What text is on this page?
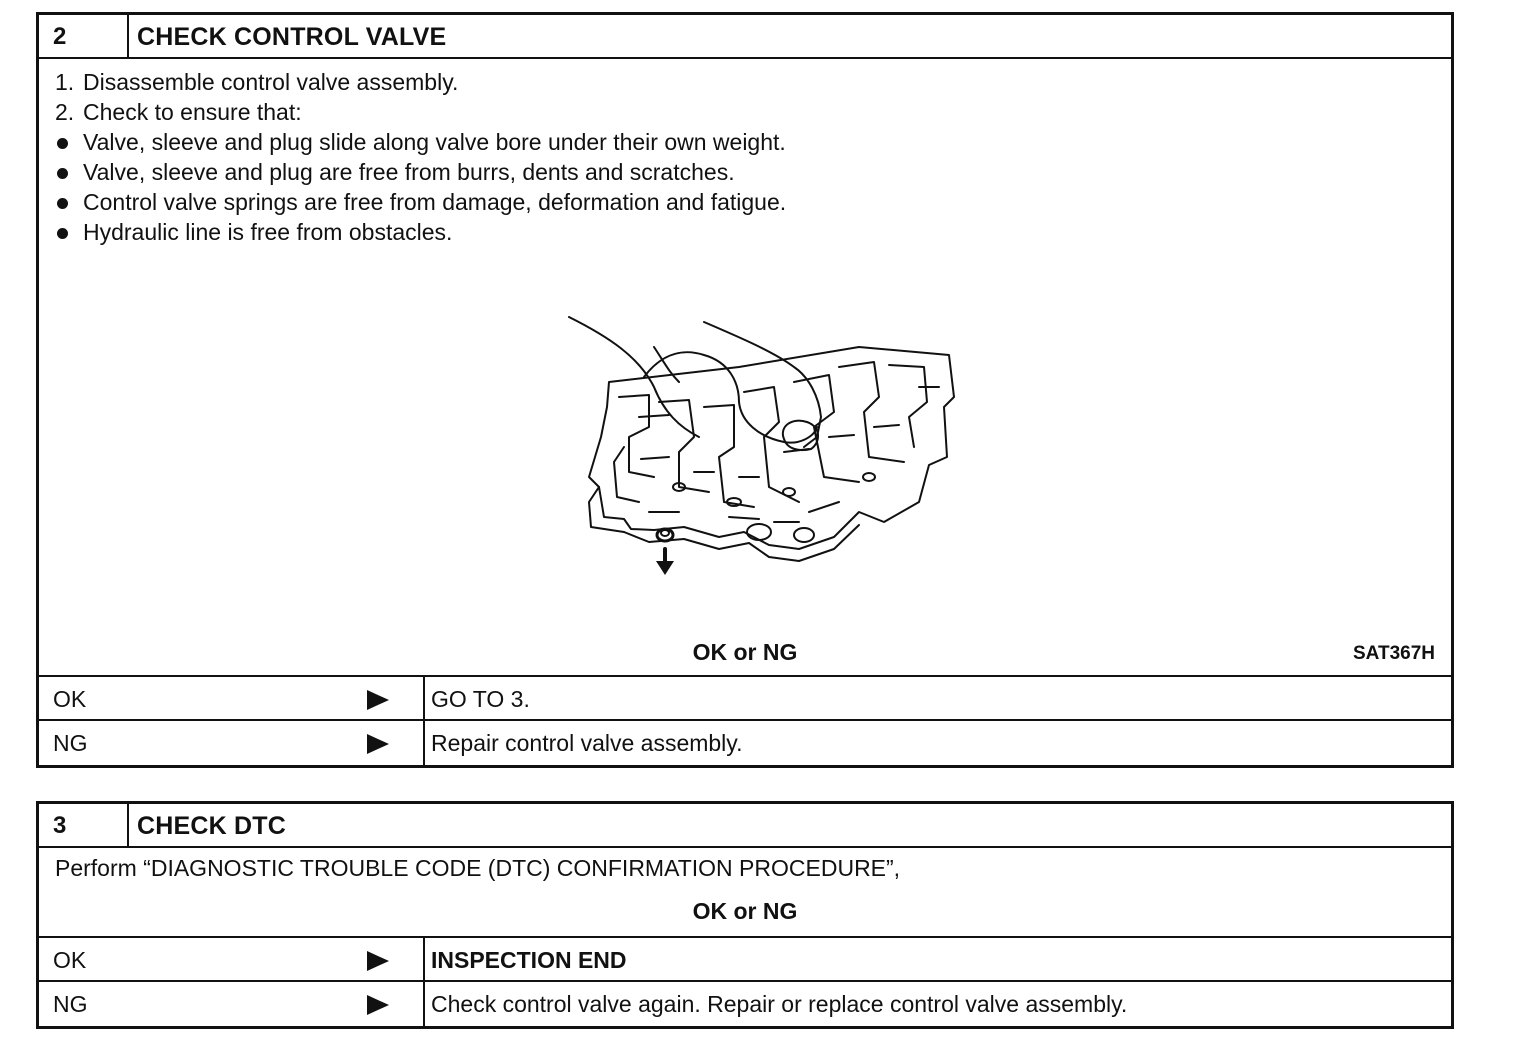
2	CHECK CONTROL VALVE
1. Disassemble control valve assembly.
2. Check to ensure that:
Valve, sleeve and plug slide along valve bore under their own weight.
Valve, sleeve and plug are free from burrs, dents and scratches.
Control valve springs are free from damage, deformation and fatigue.
Hydraulic line is free from obstacles.
SAT367H
OK or NG
OK	GO TO 3.
NG	Repair control valve assembly.
3	CHECK DTC
Perform “DIAGNOSTIC TROUBLE CODE (DTC) CONFIRMATION PROCEDURE”,
OK or NG
OK	INSPECTION END
NG	Check control valve again. Repair or replace control valve assembly.
